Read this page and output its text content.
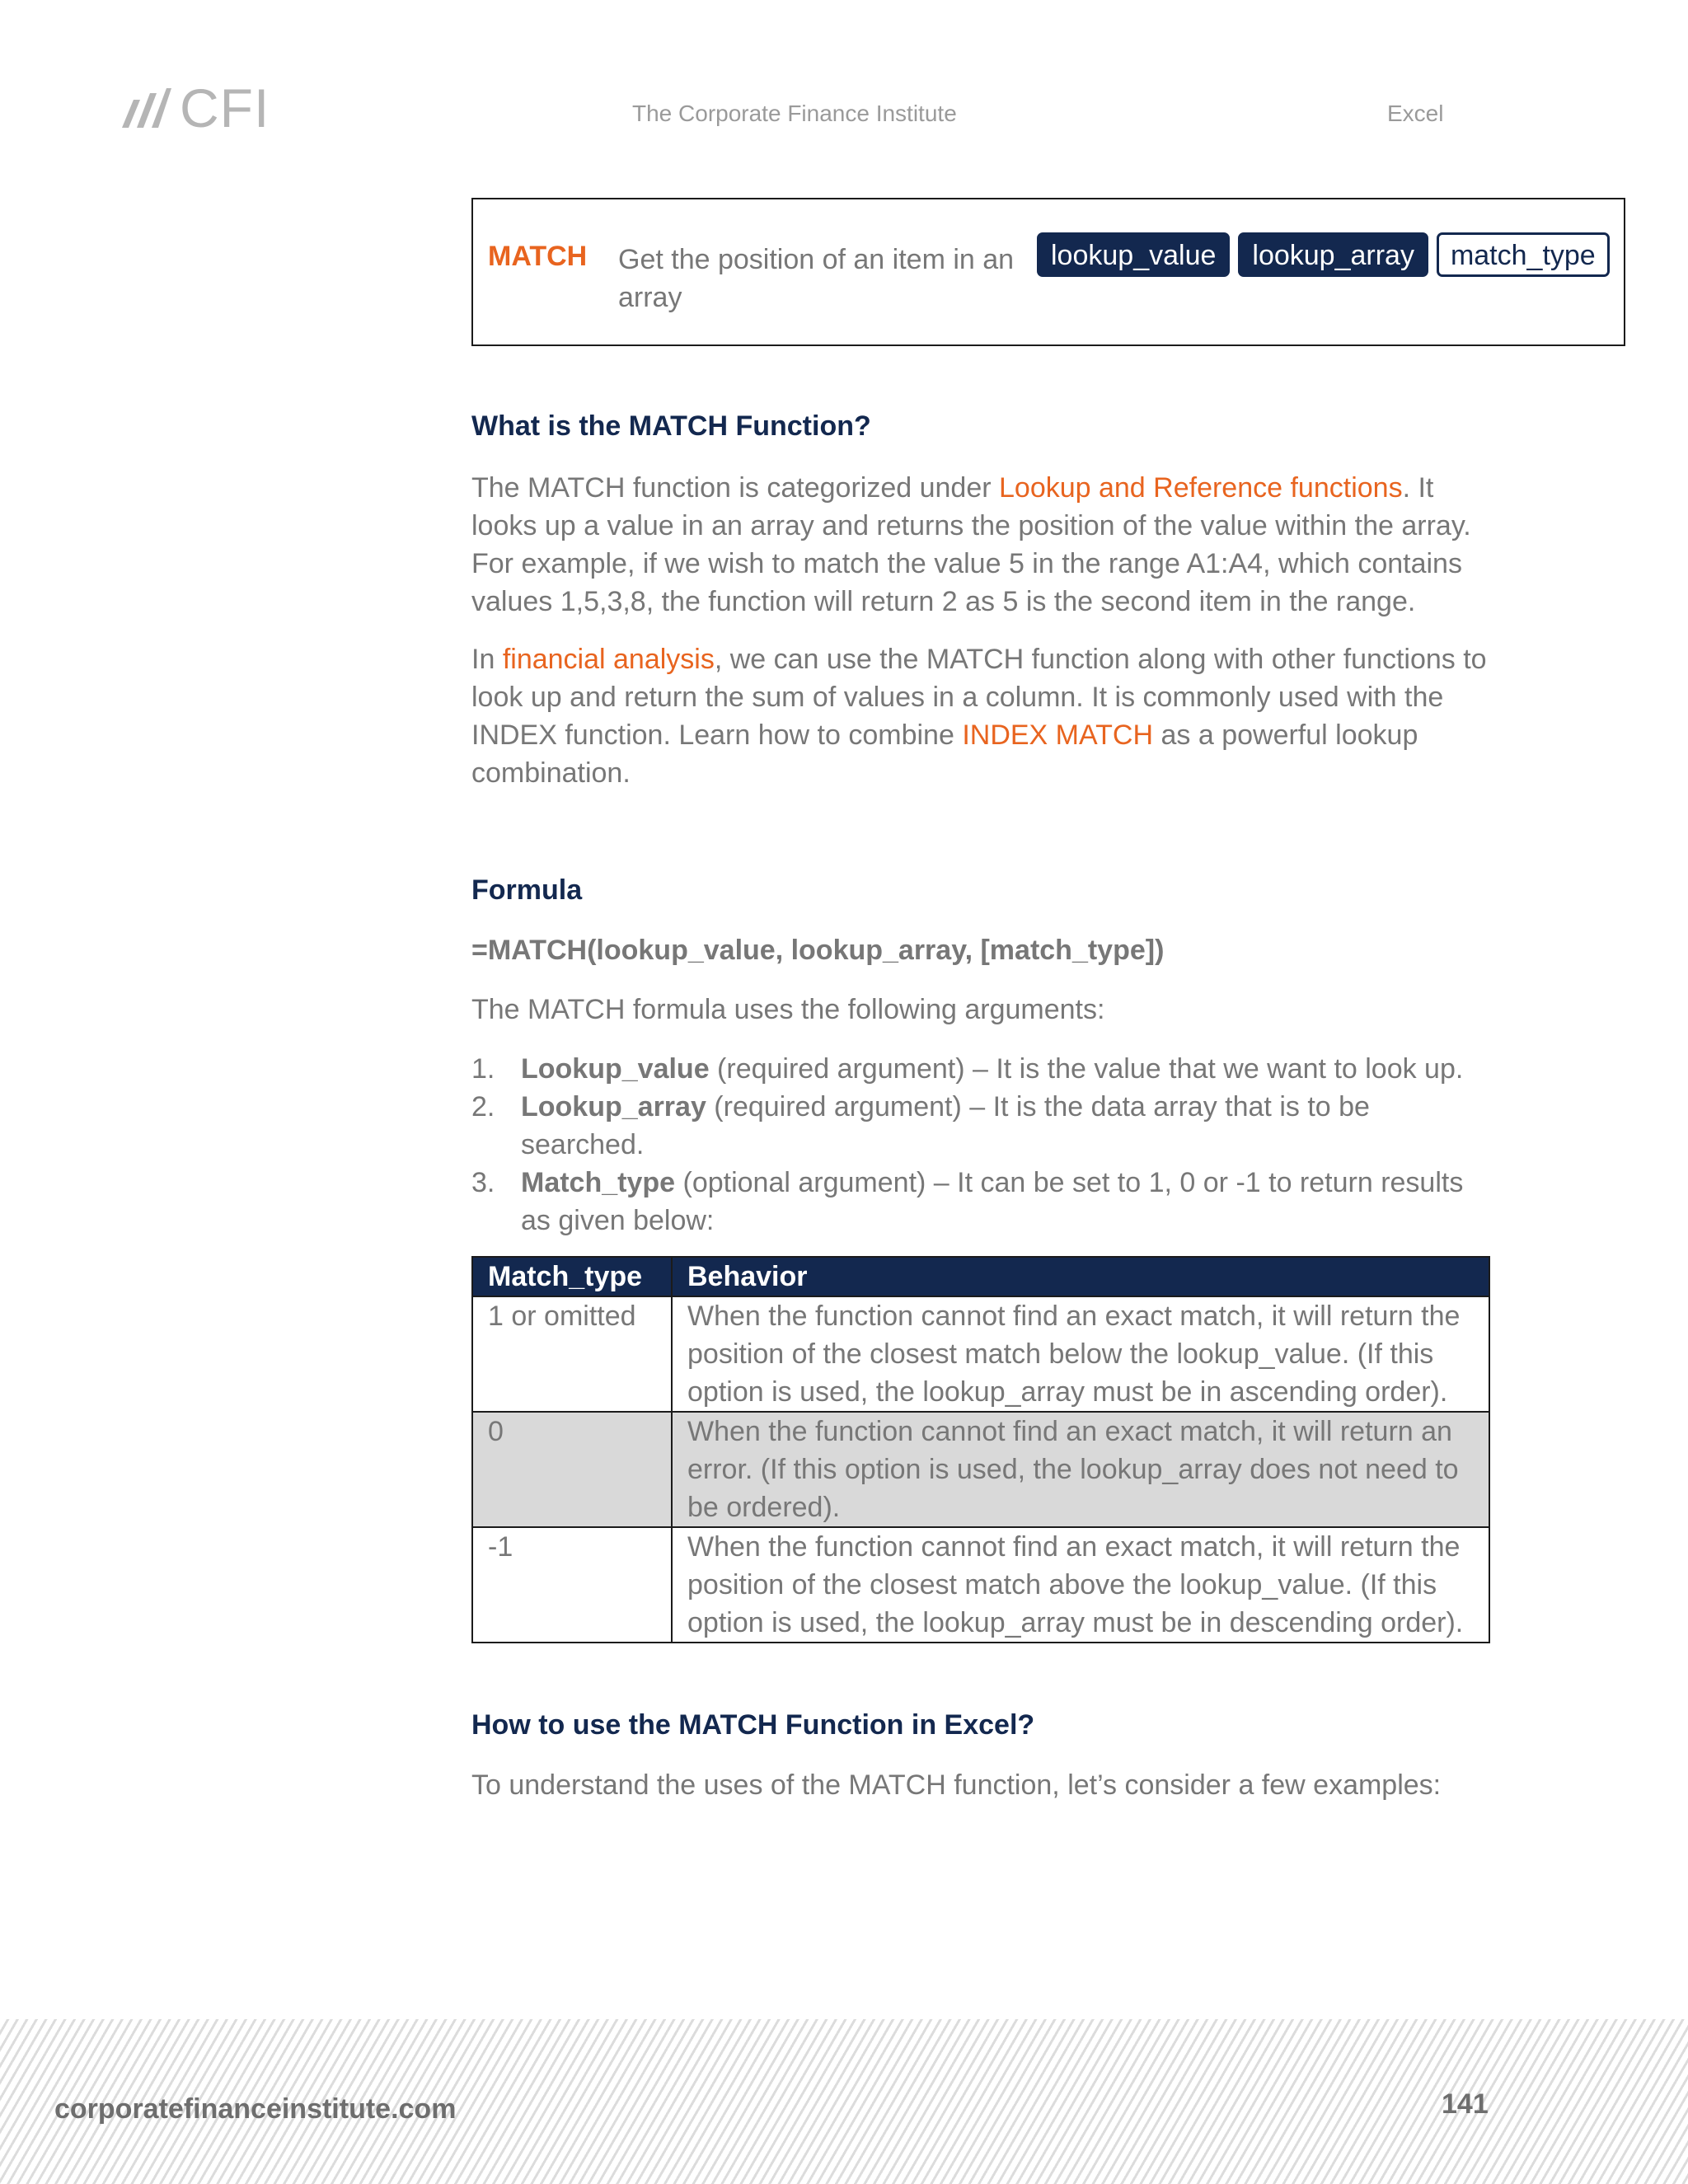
CFI	The Corporate Finance Institute	Excel
MATCH Get the position of an item in an array
lookup_value	lookup_array	match_type
What is the MATCH Function?

The MATCH function is categorized under Lookup and Reference functions. It looks up a value in an array and returns the position of the value within the array. For example, if we wish to match the value 5 in the range A1:A4, which contains values 1,5,3,8, the function will return 2 as 5 is the second item in the range.

In financial analysis, we can use the MATCH function along with other functions to look up and return the sum of values in a column. It is commonly used with the INDEX function. Learn how to combine INDEX MATCH as a powerful lookup combination.

Formula

=MATCH(lookup_value, lookup_array, [match_type])

The MATCH formula uses the following arguments:

1. Lookup_value (required argument) – It is the value that we want to look up.
2. Lookup_array (required argument) – It is the data array that is to be searched.
3. Match_type (optional argument) – It can be set to 1, 0 or -1 to return results as given below:
Match_type	Behavior
1 or omitted	When the function cannot find an exact match, it will return the position of the closest match below the lookup_value. (If this option is used, the lookup_array must be in ascending order).
0	When the function cannot find an exact match, it will return an error. (If this option is used, the lookup_array does not need to be ordered).
-1	When the function cannot find an exact match, it will return the position of the closest match above the lookup_value. (If this option is used, the lookup_array must be in descending order).
How to use the MATCH Function in Excel?

To understand the uses of the MATCH function, let’s consider a few examples:

corporatefinanceinstitute.com	141
